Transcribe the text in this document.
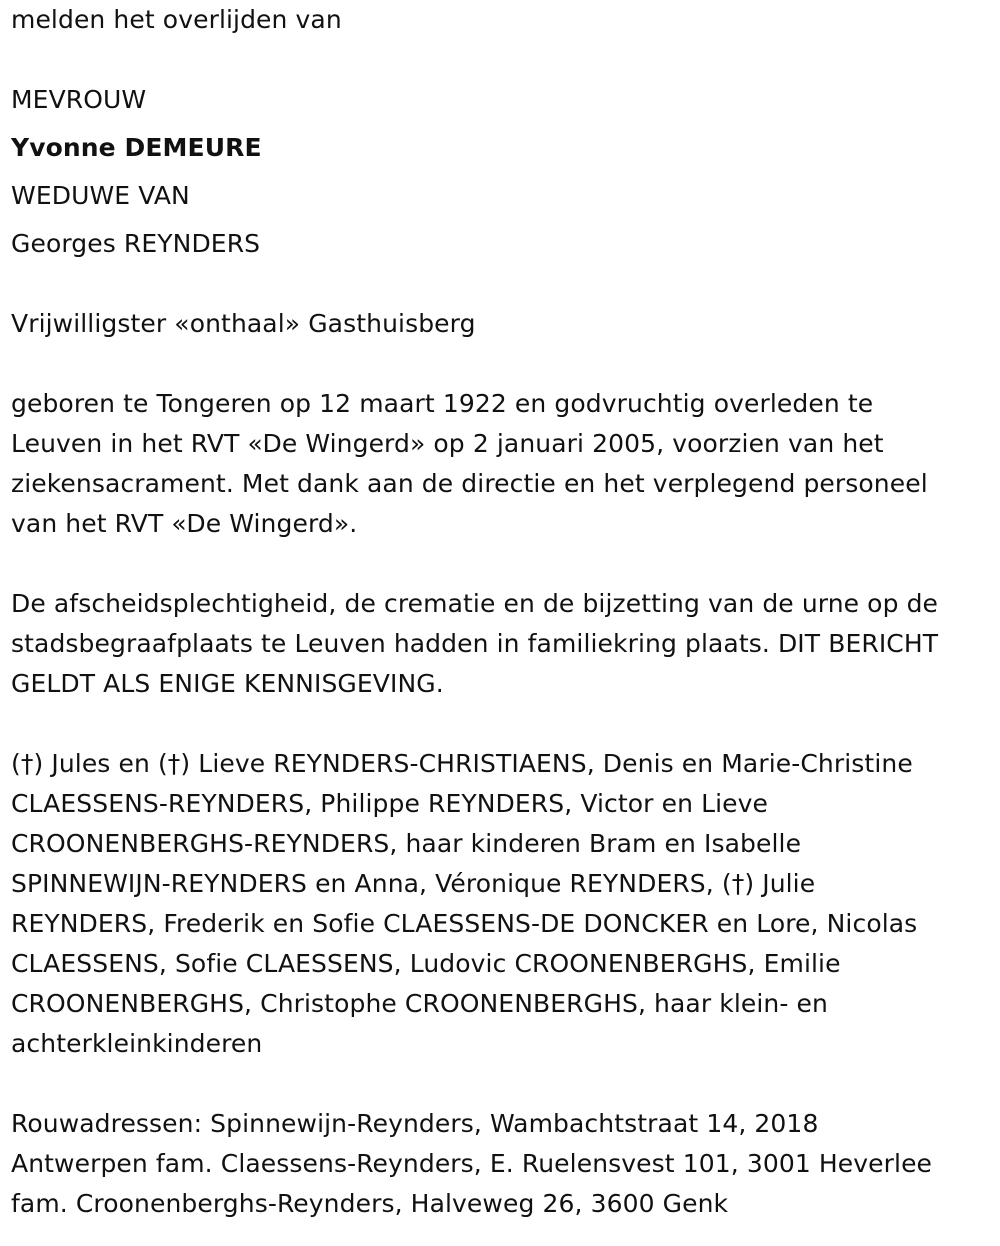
melden het overlijden van
MEVROUW
Yvonne DEMEURE
WEDUWE VAN
Georges REYNDERS
Vrijwilligster «onthaal» Gasthuisberg
geboren te Tongeren op 12 maart 1922 en godvruchtig overleden te
Leuven in het RVT «De Wingerd» op 2 januari 2005, voorzien van het
ziekensacrament. Met dank aan de directie en het verplegend personeel
van het RVT «De Wingerd».
De afscheidsplechtigheid, de crematie en de bijzetting van de urne op de
stadsbegraafplaats te Leuven hadden in familiekring plaats. DIT BERICHT
GELDT ALS ENIGE KENNISGEVING.
(†) Jules en (†) Lieve REYNDERS-CHRISTIAENS, Denis en Marie-Christine
CLAESSENS-REYNDERS, Philippe REYNDERS, Victor en Lieve
CROONENBERGHS-REYNDERS, haar kinderen Bram en Isabelle
SPINNEWIJN-REYNDERS en Anna, Véronique REYNDERS, (†) Julie
REYNDERS, Frederik en Sofie CLAESSENS-DE DONCKER en Lore, Nicolas
CLAESSENS, Sofie CLAESSENS, Ludovic CROONENBERGHS, Emilie
CROONENBERGHS, Christophe CROONENBERGHS, haar klein- en
achterkleinkinderen
Rouwadressen: Spinnewijn-Reynders, Wambachtstraat 14, 2018
Antwerpen fam. Claessens-Reynders, E. Ruelensvest 101, 3001 Heverlee
fam. Croonenberghs-Reynders, Halveweg 26, 3600 Genk
